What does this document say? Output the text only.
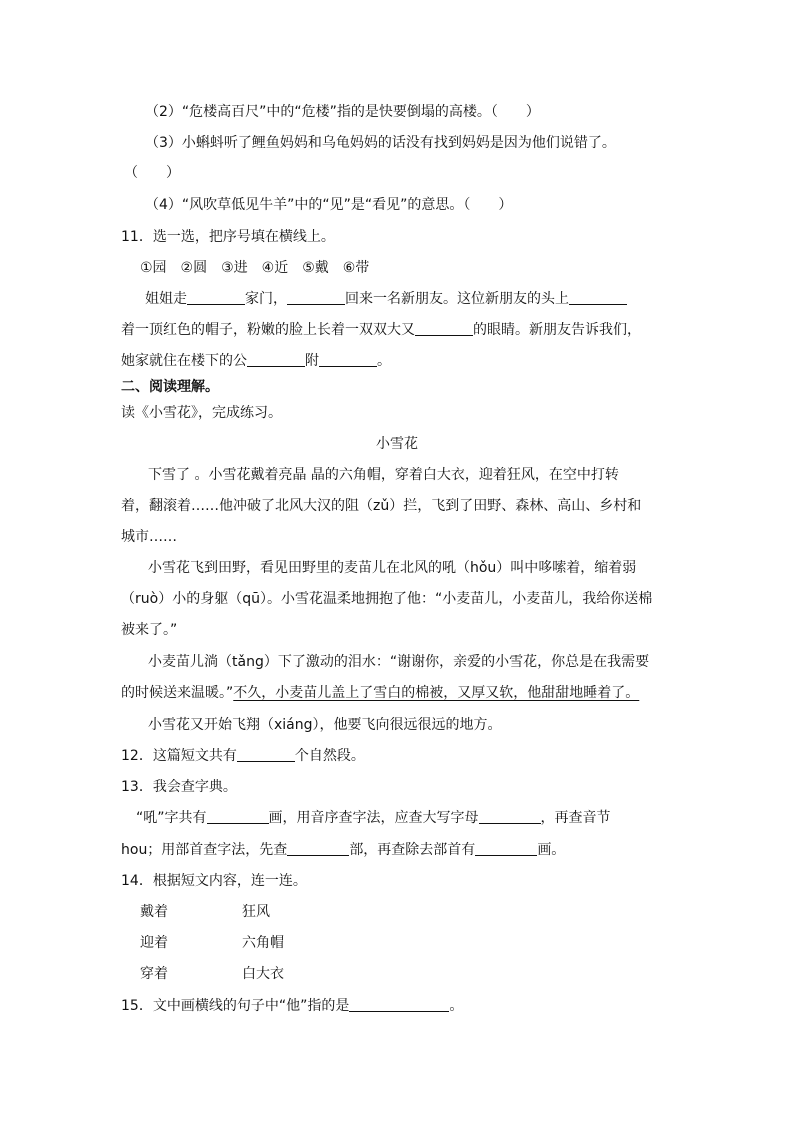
（2）“危楼高百尺”中的“危楼”指的是快要倒塌的高楼。（　　）
（3）小蝌蚪听了鲤鱼妈妈和乌龟妈妈的话没有找到妈妈是因为他们说错了。
（　　）
（4）“风吹草低见牛羊”中的“见”是“看见”的意思。（　　）
11．选一选，把序号填在横线上。
①园　②圆　③进　④近　⑤戴　⑥带
姐姐走	家门，	回来一名新朋友。这位新朋友的头上
着一顶红色的帽子，粉嫩的脸上长着一双双大又	的眼睛。新朋友告诉我们，
她家就住在楼下的公	附	。
二、阅读理解。
读《小雪花》，完成练习。
小雪花
下雪了 。小雪花戴着亮晶 晶的六角帽，穿着白大衣，迎着狂风，在空中打转
着，翻滚着……他冲破了北风大汉的阻（zǔ）拦，飞到了田野、森林、高山、乡村和
城市……
小雪花飞到田野，看见田野里的麦苗儿在北风的吼（hǒu）叫中哆嗦着，缩着弱
（ruò）小的身躯（qū）。小雪花温柔地拥抱了他：“小麦苗儿，小麦苗儿，我给你送棉
被来了。”
小麦苗儿淌（tǎng）下了激动的泪水：“谢谢你，亲爱的小雪花，你总是在我需要
的时候送来温暖。”不久，小麦苗儿盖上了雪白的棉被，又厚又软，他甜甜地睡着了。
小雪花又开始飞翔（xiáng），他要飞向很远很远的地方。
12．这篇短文共有	个自然段。
13．我会查字典。
“吼”字共有	画，用音序查字法，应查大写字母	，再查音节
hou；用部首查字法，先查	部，再查除去部首有	画。
14．根据短文内容，连一连。
戴着	狂风
迎着	六角帽
穿着	白大衣
15．文中画横线的句子中“他”指的是	。
